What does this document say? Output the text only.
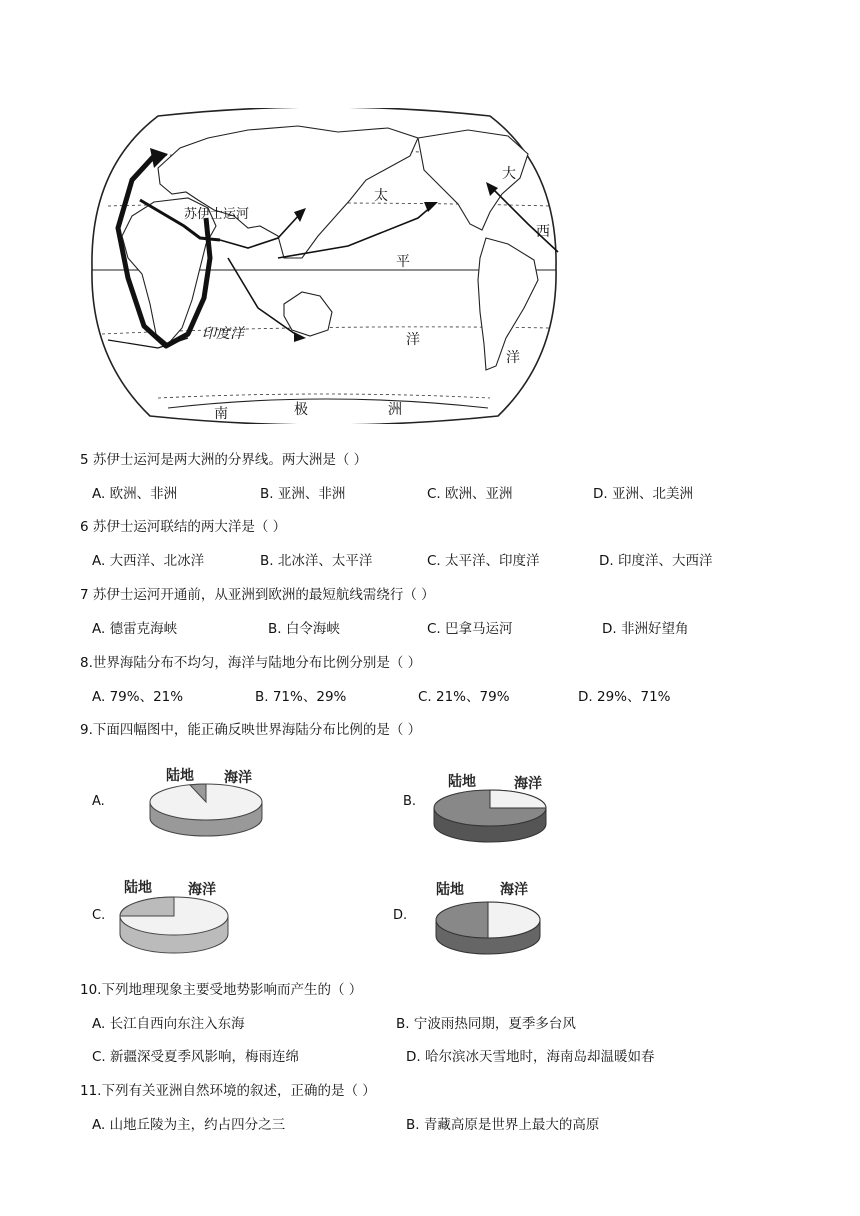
苏伊士运河
太
平
洋
大
西
洋
印度洋
南	极	洲
5 苏伊士运河是两大洲的分界线。两大洲是（ ）
A. 欧洲、非洲	B. 亚洲、非洲	C. 欧洲、亚洲	D. 亚洲、北美洲
6 苏伊士运河联结的两大洋是（ ）
A. 大西洋、北冰洋	B. 北冰洋、太平洋	C. 太平洋、印度洋	D. 印度洋、大西洋
7 苏伊士运河开通前，从亚洲到欧洲的最短航线需绕行（ ）
A. 德雷克海峡	B. 白令海峡	C. 巴拿马运河	D. 非洲好望角
8.世界海陆分布不均匀，海洋与陆地分布比例分别是（ ）
A. 79%、21%	B. 71%、29%	C. 21%、79%	D. 29%、71%
9.下面四幅图中，能正确反映世界海陆分布比例的是（ ）
A.
陆地 海洋
B.
陆地	海洋
C.
陆地	海洋
D.
陆地	海洋
10.下列地理现象主要受地势影响而产生的（ ）
A. 长江自西向东注入东海	B. 宁波雨热同期，夏季多台风
C. 新疆深受夏季风影响，梅雨连绵	D. 哈尔滨冰天雪地时，海南岛却温暖如春
11.下列有关亚洲自然环境的叙述，正确的是（ ）
A. 山地丘陵为主，约占四分之三	B. 青藏高原是世界上最大的高原
